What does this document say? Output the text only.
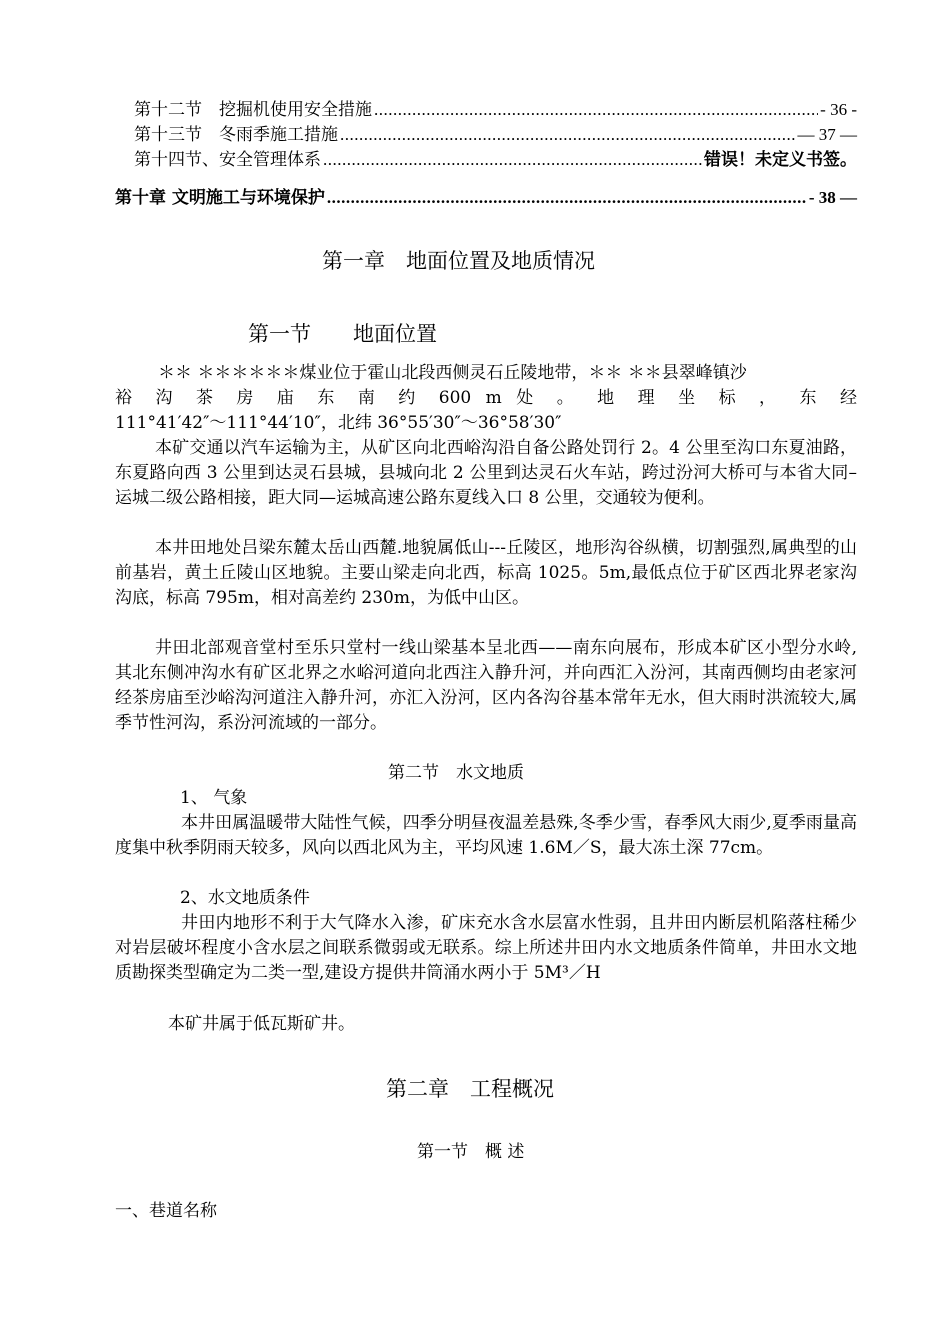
第十二节　挖掘机使用安全措施 .....	- 36 -
第十三节　冬雨季施工措施 .....	— 37 —
第十四节、安全管理体系 .....	错误！未定义书签。
第十章 文明施工与环境保护 .....	- 38 —
第一章　地面位置及地质情况
第一节　　地面位置
＊＊ ＊＊＊＊＊＊煤业位于霍山北段西侧灵石丘陵地带，＊＊ ＊＊县翠峰镇沙
裕 沟 茶 房 庙 东 南 约 600 m 处 。 地 理 坐 标 ， 东 经
111°41′42″～111°44′10″，北纬 36°55′30″～36°58′30″
本矿交通以汽车运输为主，从矿区向北西峪沟沿自备公路处罚行 2。4 公里至沟口东夏油路，东夏路向西 3 公里到达灵石县城，县城向北 2 公里到达灵石火车站，跨过汾河大桥可与本省大同–运城二级公路相接，距大同—运城高速公路东夏线入口 8 公里，交通较为便利。
本井田地处吕梁东麓太岳山西麓.地貌属低山---丘陵区，地形沟谷纵横，切割强烈,属典型的山前基岩，黄土丘陵山区地貌。主要山梁走向北西，标高 1025。5m,最低点位于矿区西北界老家沟沟底，标高 795m，相对高差约 230m，为低中山区。
井田北部观音堂村至乐只堂村一线山梁基本呈北西——南东向展布，形成本矿区小型分水岭,其北东侧冲沟水有矿区北界之水峪河道向北西注入静升河，并向西汇入汾河，其南西侧均由老家河经茶房庙至沙峪沟河道注入静升河，亦汇入汾河，区内各沟谷基本常年无水，但大雨时洪流较大,属季节性河沟，系汾河流域的一部分。
第二节　水文地质
1、 气象
本井田属温暖带大陆性气候，四季分明昼夜温差悬殊,冬季少雪，春季风大雨少,夏季雨量高度集中秋季阴雨天较多，风向以西北风为主，平均风速 1.6M／S，最大冻土深 77cm。
2、水文地质条件
井田内地形不利于大气降水入渗，矿床充水含水层富水性弱，且井田内断层机陷落柱稀少对岩层破坏程度小含水层之间联系微弱或无联系。综上所述井田内水文地质条件简单，井田水文地质勘探类型确定为二类一型,建设方提供井筒涌水两小于 5M³／H
本矿井属于低瓦斯矿井。
第二章　工程概况
第一节　概 述
一、巷道名称
